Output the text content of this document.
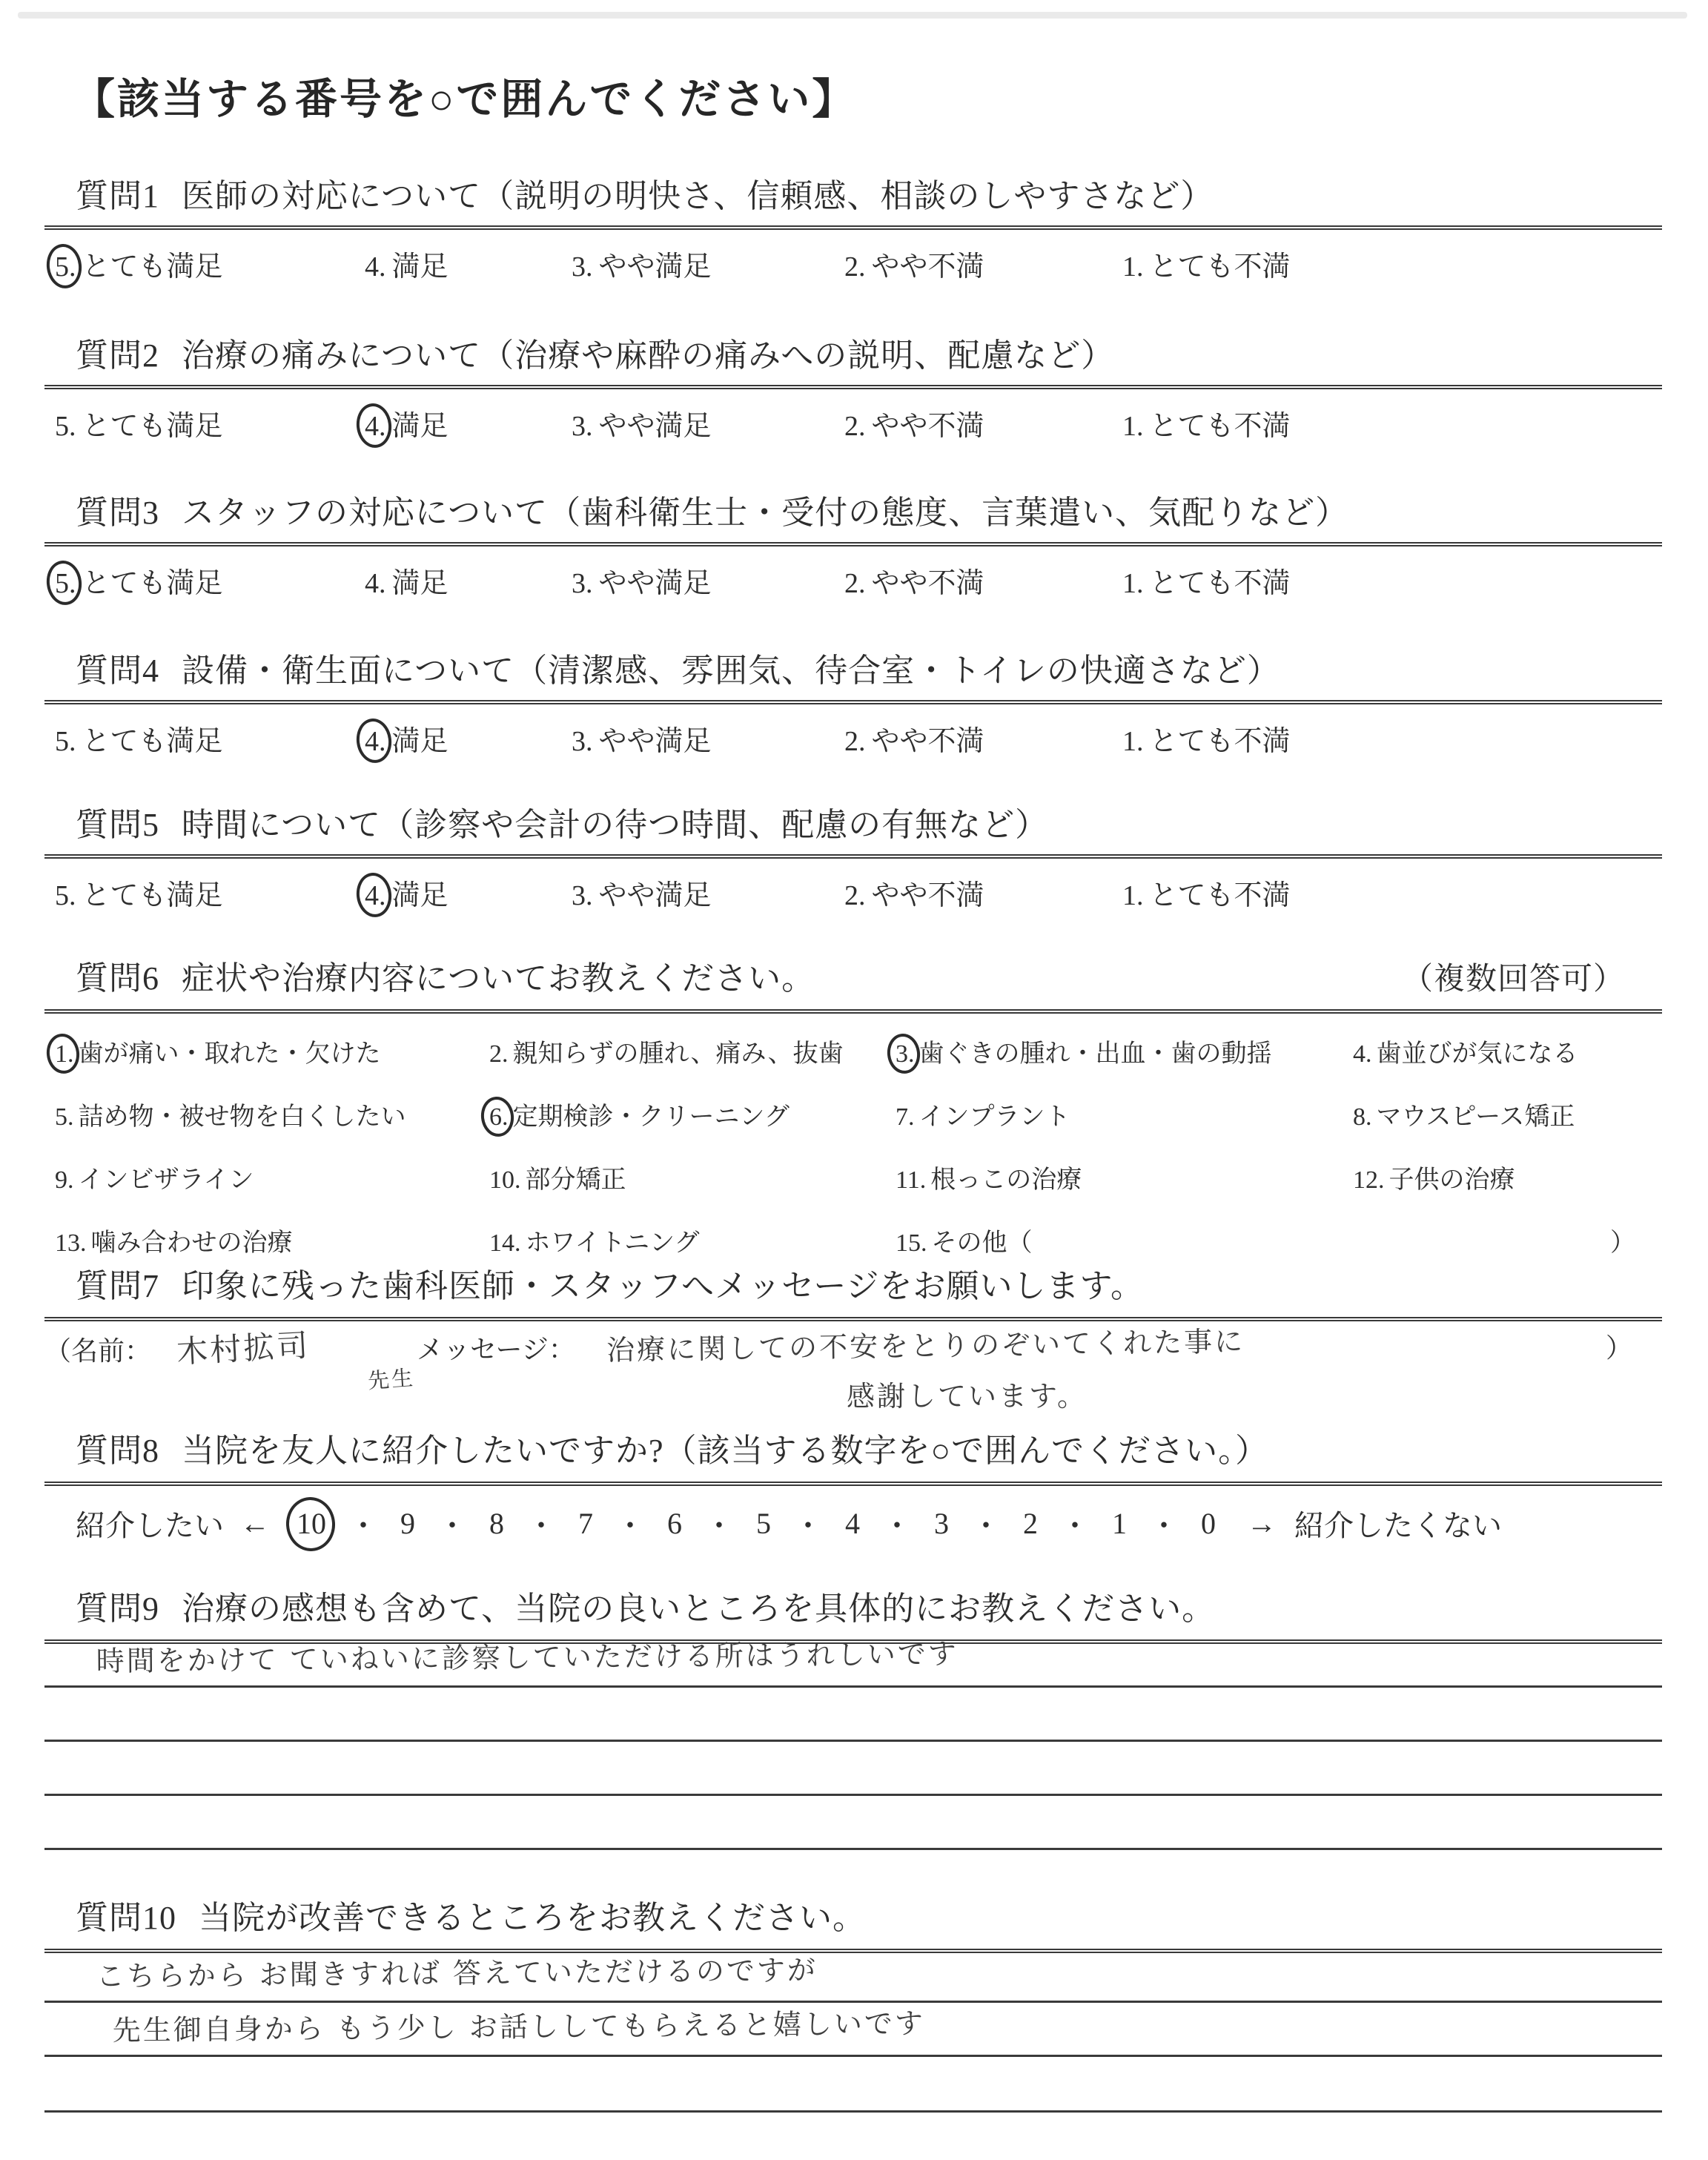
【該当する番号を○で囲んでください】
質問1 医師の対応について（説明の明快さ、信頼感、相談のしやすさなど）
5. とても満足	4. 満足	3. やや満足	2. やや不満	1. とても不満
質問2 治療の痛みについて（治療や麻酔の痛みへの説明、配慮など）
5. とても満足	4. 満足	3. やや満足	2. やや不満	1. とても不満
質問3 スタッフの対応について（歯科衛生士・受付の態度、言葉遣い、気配りなど）
5. とても満足	4. 満足	3. やや満足	2. やや不満	1. とても不満
質問4 設備・衛生面について（清潔感、雰囲気、待合室・トイレの快適さなど）
5. とても満足	4. 満足	3. やや満足	2. やや不満	1. とても不満
質問5 時間について（診察や会計の待つ時間、配慮の有無など）
5. とても満足	4. 満足	3. やや満足	2. やや不満	1. とても不満
質問6 症状や治療内容についてお教えください。	（複数回答可）
1. 歯が痛い・取れた・欠けた	2. 親知らずの腫れ、痛み、抜歯	3. 歯ぐきの腫れ・出血・歯の動揺	4. 歯並びが気になる
5. 詰め物・被せ物を白くしたい	6. 定期検診・クリーニング	7. インプラント	8. マウスピース矯正
9. インビザライン	10. 部分矯正	11. 根っこの治療	12. 子供の治療
13. 噛み合わせの治療	14. ホワイトニング	15. その他（	）
質問7 印象に残った歯科医師・スタッフへメッセージをお願いします。
（名前： 木村拡司
先生
メッセージ： 治療に関しての不安をとりのぞいてくれた事に
感謝しています。
）
質問8 当院を友人に紹介したいですか?（該当する数字を○で囲んでください。）
紹介したい ← 10 ・ 9 ・ 8 ・ 7 ・ 6 ・ 5 ・ 4 ・ 3 ・ 2 ・ 1 ・ 0 → 紹介したくない
質問9 治療の感想も含めて、当院の良いところを具体的にお教えください。
時間をかけて ていねいに診察していただける所はうれしいです
質問10 当院が改善できるところをお教えください。
こちらから お聞きすれば 答えていただけるのですが
先生御自身から もう少し お話ししてもらえると嬉しいです
